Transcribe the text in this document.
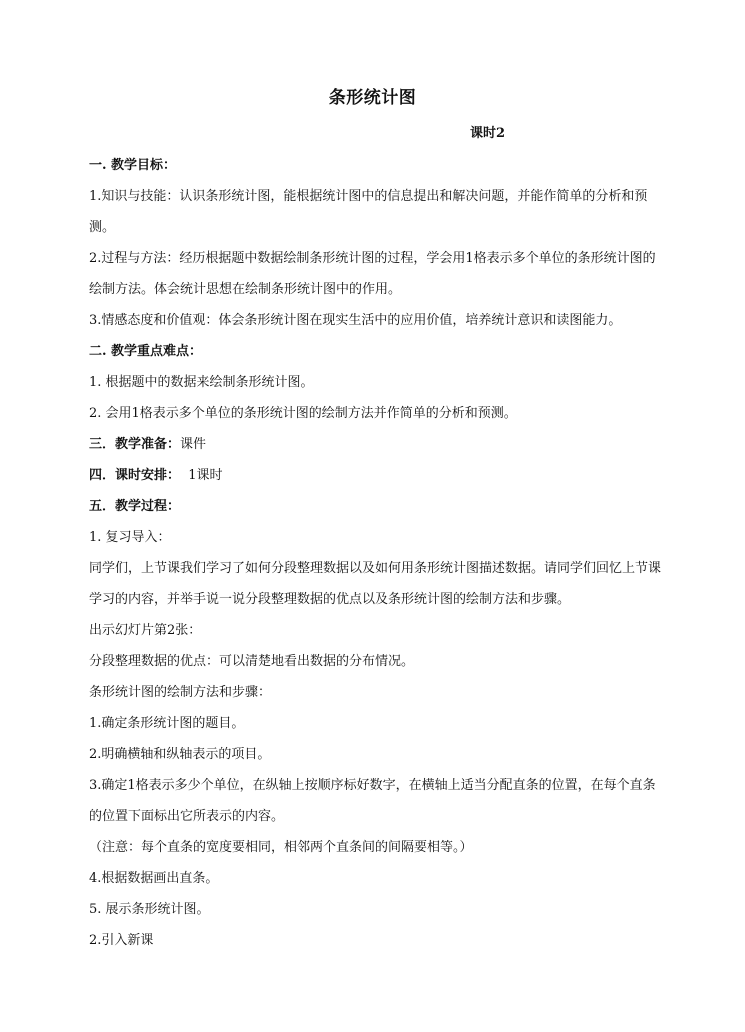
条形统计图
课时2

一. 教学目标：

1.知识与技能：认识条形统计图，能根据统计图中的信息提出和解决问题，并能作简单的分析和预测。

2.过程与方法：经历根据题中数据绘制条形统计图的过程，学会用1格表示多个单位的条形统计图的绘制方法。体会统计思想在绘制条形统计图中的作用。

3.情感态度和价值观：体会条形统计图在现实生活中的应用价值，培养统计意识和读图能力。

二. 教学重点难点：

1. 根据题中的数据来绘制条形统计图。

2. 会用1格表示多个单位的条形统计图的绘制方法并作简单的分析和预测。

三．教学准备：课件

四．课时安排：  1课时

五．教学过程：

1. 复习导入：

同学们，上节课我们学习了如何分段整理数据以及如何用条形统计图描述数据。请同学们回忆上节课学习的内容，并举手说一说分段整理数据的优点以及条形统计图的绘制方法和步骤。

出示幻灯片第2张：

分段整理数据的优点：可以清楚地看出数据的分布情况。

条形统计图的绘制方法和步骤：

1.确定条形统计图的题目。

2.明确横轴和纵轴表示的项目。

3.确定1格表示多少个单位，在纵轴上按顺序标好数字，在横轴上适当分配直条的位置，在每个直条的位置下面标出它所表示的内容。

（注意：每个直条的宽度要相同，相邻两个直条间的间隔要相等。）

4.根据数据画出直条。

5. 展示条形统计图。

2.引入新课
